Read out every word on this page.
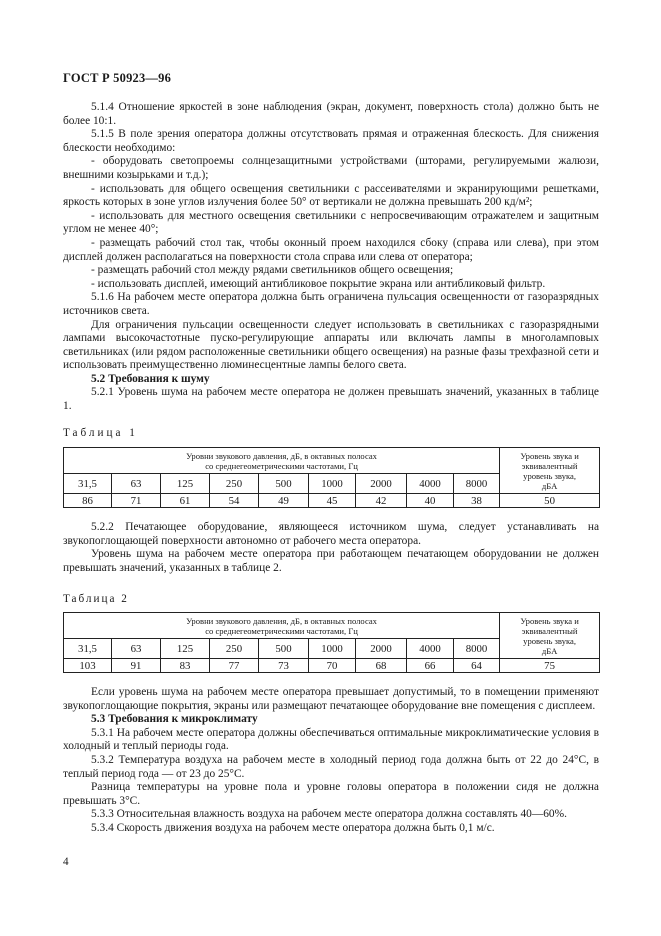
ГОСТ Р 50923—96

5.1.4 Отношение яркостей в зоне наблюдения (экран, документ, поверхность стола) должно быть не более 10:1.

5.1.5 В поле зрения оператора должны отсутствовать прямая и отраженная блескость. Для снижения блескости необходимо:

- оборудовать светопроемы солнцезащитными устройствами (шторами, регулируемыми жалюзи, внешними козырьками и т.д.);

- использовать для общего освещения светильники с рассеивателями и экранирующими решетками, яркость которых в зоне углов излучения более 50° от вертикали не должна превышать 200 кд/м²;

- использовать для местного освещения светильники с непросвечивающим отражателем и защитным углом не менее 40°;

- размещать рабочий стол так, чтобы оконный проем находился сбоку (справа или слева), при этом дисплей должен располагаться на поверхности стола справа или слева от оператора;

- размещать рабочий стол между рядами светильников общего освещения;

- использовать дисплей, имеющий антибликовое покрытие экрана или антибликовый фильтр.

5.1.6 На рабочем месте оператора должна быть ограничена пульсация освещенности от газоразрядных источников света.

Для ограничения пульсации освещенности следует использовать в светильниках с газоразрядными лампами высокочастотные пуско-регулирующие аппараты или включать лампы в многоламповых светильниках (или рядом расположенные светильники общего освещения) на разные фазы трехфазной сети и использовать преимущественно люминесцентные лампы белого света.

5.2 Требования к шуму

5.2.1 Уровень шума на рабочем месте оператора не должен превышать значений, указанных в таблице 1.

Таблица 1
Уровни звукового давления, дБ, в октавных полосах
со среднегеометрическими частотами, Гц									Уровень звука и
эквивалентный
уровень звука,
дБА
31,5	63	125	250	500	1000	2000	4000	8000	
86	71	61	54	49	45	42	40	38	50

5.2.2 Печатающее оборудование, являющееся источником шума, следует устанавливать на звукопоглощающей поверхности автономно от рабочего места оператора.

Уровень шума на рабочем месте оператора при работающем печатающем оборудовании не должен превышать значений, указанных в таблице 2.

Таблица 2
Уровни звукового давления, дБ, в октавных полосах
со среднегеометрическими частотами, Гц									Уровень звука и
эквивалентный
уровень звука,
дБА
31,5	63	125	250	500	1000	2000	4000	8000	
103	91	83	77	73	70	68	66	64	75

Если уровень шума на рабочем месте оператора превышает допустимый, то в помещении применяют звукопоглощающие покрытия, экраны или размещают печатающее оборудование вне помещения с дисплеем.

5.3 Требования к микроклимату

5.3.1 На рабочем месте оператора должны обеспечиваться оптимальные микроклиматические условия в холодный и теплый периоды года.

5.3.2 Температура воздуха на рабочем месте в холодный период года должна быть от 22 до 24°С, в теплый период года — от 23 до 25°С.

Разница температуры на уровне пола и уровне головы оператора в положении сидя не должна превышать 3°С.

5.3.3 Относительная влажность воздуха на рабочем месте оператора должна составлять 40—60%.

5.3.4 Скорость движения воздуха на рабочем месте оператора должна быть 0,1 м/с.

4
